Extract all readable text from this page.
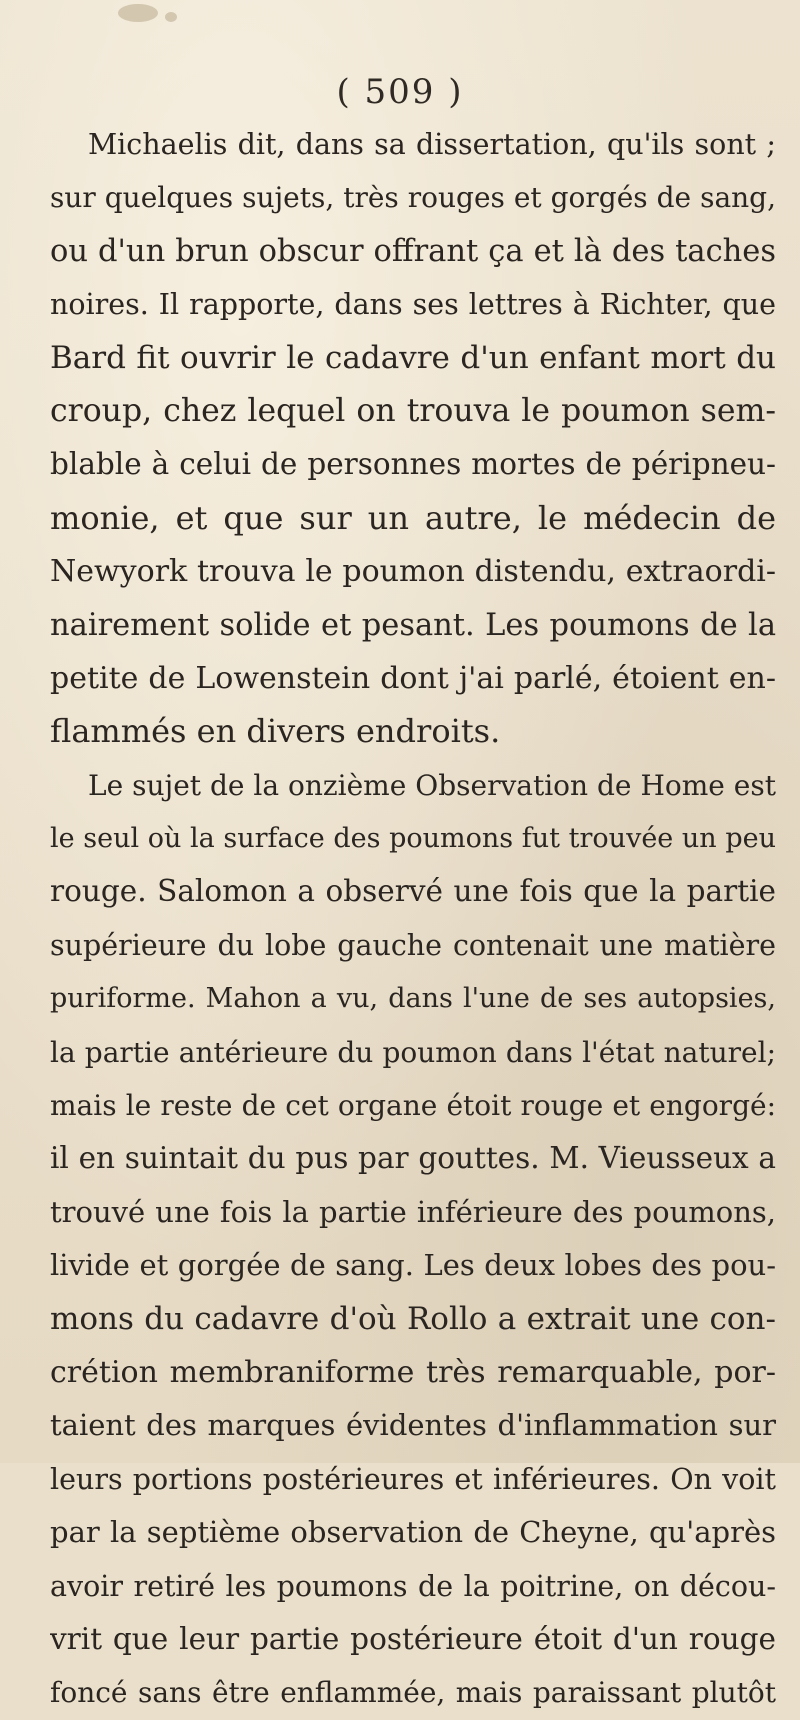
( 509 )
Michaelis dit, dans sa dissertation, qu'ils sont ;
sur quelques sujets, très rouges et gorgés de sang,
ou d'un brun obscur offrant ça et là des taches
noires. Il rapporte, dans ses lettres à Richter, que
Bard fit ouvrir le cadavre d'un enfant mort du
croup, chez lequel on trouva le poumon sem-
blable à celui de personnes mortes de péripneu-
monie, et que sur un autre, le médecin de
Newyork trouva le poumon distendu, extraordi-
nairement solide et pesant. Les poumons de la
petite de Lowenstein dont j'ai parlé, étoient en-
flammés en divers endroits.
Le sujet de la onzième Observation de Home est
le seul où la surface des poumons fut trouvée un peu
rouge. Salomon a observé une fois que la partie
supérieure du lobe gauche contenait une matière
puriforme. Mahon a vu, dans l'une de ses autopsies,
la partie antérieure du poumon dans l'état naturel;
mais le reste de cet organe étoit rouge et engorgé:
il en suintait du pus par gouttes. M. Vieusseux a
trouvé une fois la partie inférieure des poumons,
livide et gorgée de sang. Les deux lobes des pou-
mons du cadavre d'où Rollo a extrait une con-
crétion membraniforme très remarquable, por-
taient des marques évidentes d'inflammation sur
leurs portions postérieures et inférieures. On voit
par la septième observation de Cheyne, qu'après
avoir retiré les poumons de la poitrine, on décou-
vrit que leur partie postérieure étoit d'un rouge
foncé sans être enflammée, mais paraissant plutôt
